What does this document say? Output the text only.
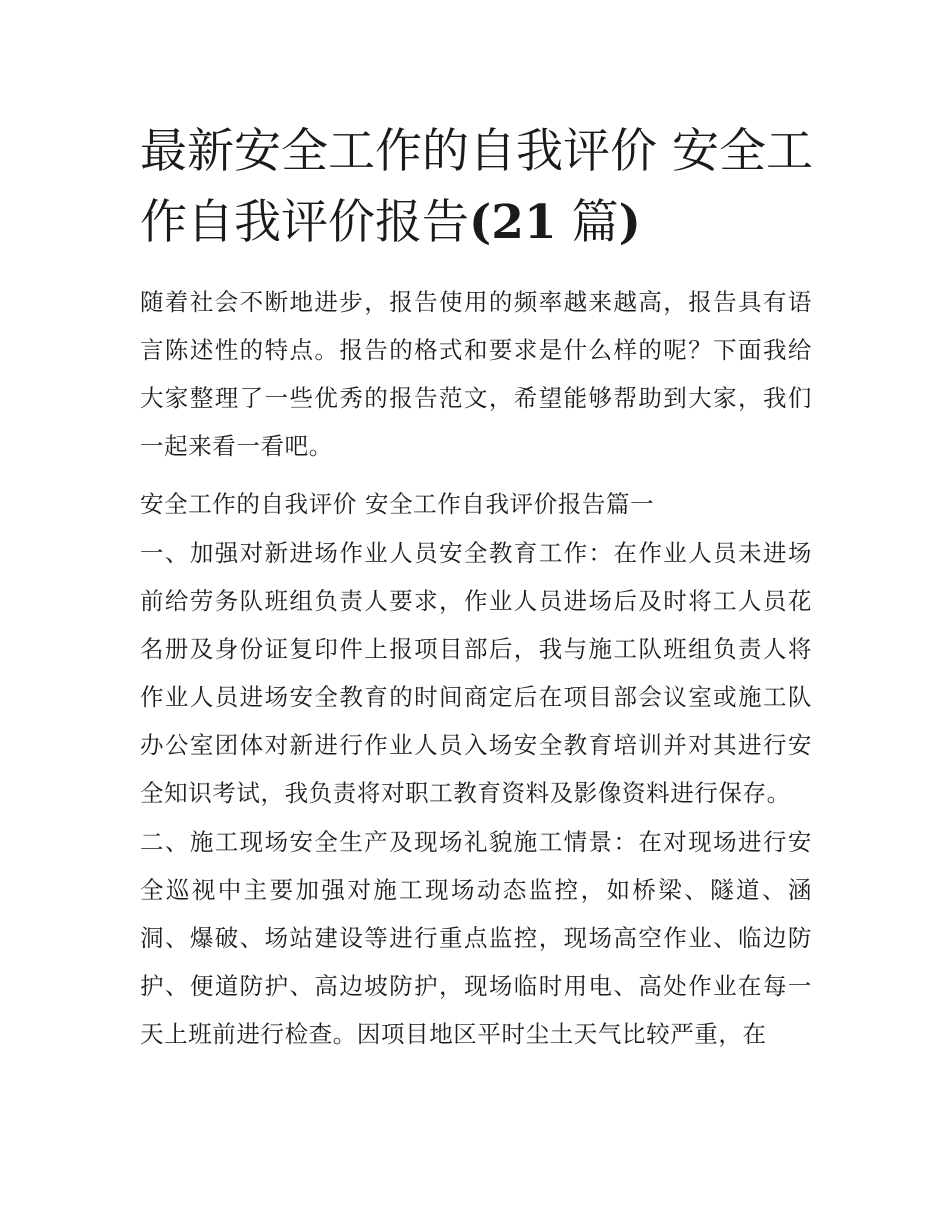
最新安全工作的自我评价 安全工作自我评价报告(21 篇)

随着社会不断地进步，报告使用的频率越来越高，报告具有语言陈述性的特点。报告的格式和要求是什么样的呢？下面我给大家整理了一些优秀的报告范文，希望能够帮助到大家，我们一起来看一看吧。

安全工作的自我评价 安全工作自我评价报告篇一

一、加强对新进场作业人员安全教育工作：在作业人员未进场前给劳务队班组负责人要求，作业人员进场后及时将工人员花名册及身份证复印件上报项目部后，我与施工队班组负责人将作业人员进场安全教育的时间商定后在项目部会议室或施工队办公室团体对新进行作业人员入场安全教育培训并对其进行安全知识考试，我负责将对职工教育资料及影像资料进行保存。

二、施工现场安全生产及现场礼貌施工情景：在对现场进行安全巡视中主要加强对施工现场动态监控，如桥梁、隧道、涵洞、爆破、场站建设等进行重点监控，现场高空作业、临边防护、便道防护、高边坡防护，现场临时用电、高处作业在每一天上班前进行检查。因项目地区平时尘土天气比较严重，在
